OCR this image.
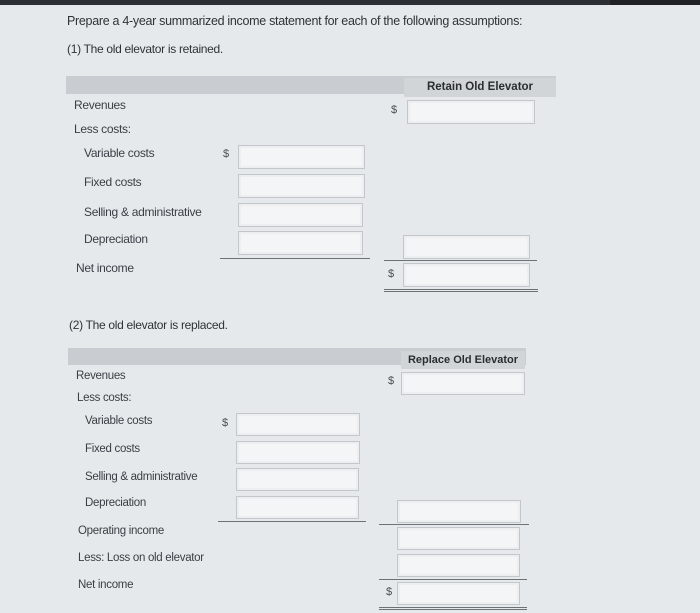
Prepare a 4-year summarized income statement for each of the following assumptions:
(1) The old elevator is retained.
Retain Old Elevator
Revenues
Less costs:
Variable costs
Fixed costs
Selling & administrative
Depreciation
Net income
$
$
$
(2) The old elevator is replaced.
Replace Old Elevator
Revenues
Less costs:
Variable costs
Fixed costs
Selling & administrative
Depreciation
Operating income
Less: Loss on old elevator
Net income
$
$
$
